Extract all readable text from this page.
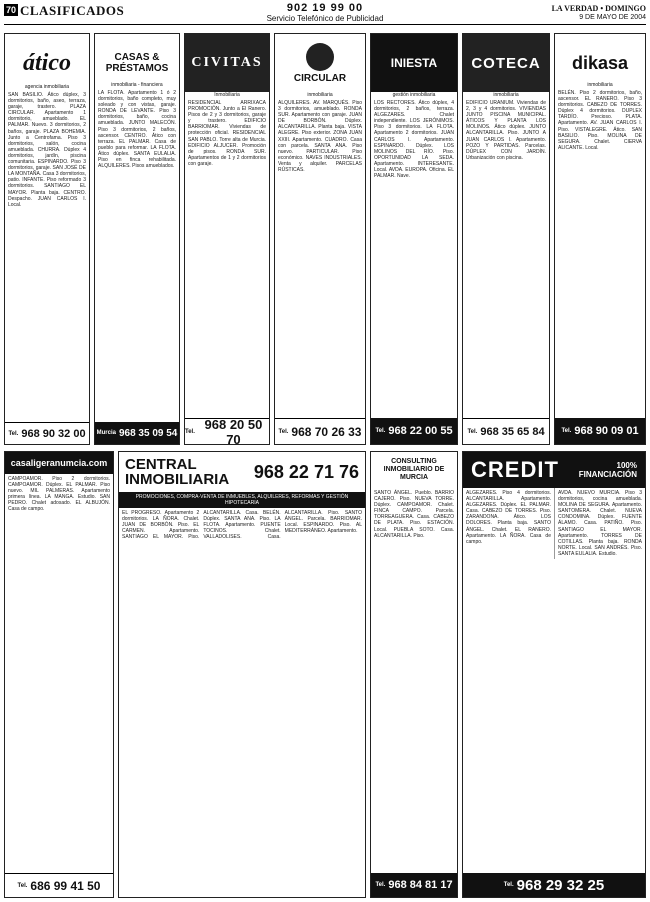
70 CLASIFICADOS	902 19 99 00
Servicio Telefónico de Publicidad
LA VERDAD • DOMINGO
9 DE MAYO DE 2004
ático
agencia inmobiliaria
SAN BASILIO. Ático dúplex, 3 dormitorios, baño, aseo, terraza, garaje, trastero. PLAZA CIRCULAR. Apartamento 1 dormitorio, amueblado. EL PALMAR. Nuevo. 3 dormitorios, 2 baños, garaje. PLAZA BOHEMIA. Junto a Centrofama. Piso 3 dormitorios, salón, cocina amueblada. CHURRA. Dúplex 4 dormitorios, jardín, piscina comunitaria. ESPINARDO. Piso 3 dormitorios, garaje. SAN JOSÉ DE LA MONTAÑA. Casa 3 dormitorios, patio. INFANTE. Piso reformado 3 dormitorios. SANTIAGO EL MAYOR. Planta baja. CENTRO. Despacho. JUAN CARLOS I. Local.
Tel. 968 90 32 00
CASAS & PRÉSTAMOS
inmobiliaria - financiera
LA FLOTA. Apartamento 1 ó 2 dormitorios, baño completo, muy soleado y con vistas, garaje. RONDA DE LEVANTE. Piso 3 dormitorios, baño, cocina amueblada. JUNTO MALECÓN. Piso 3 dormitorios, 2 baños, ascensor. CENTRO. Ático con terraza. EL PALMAR. Casa de pueblo para reformar. LA FLOTA. Ático dúplex. SANTA EULALIA. Piso en finca rehabilitada. ALQUILERES. Pisos amueblados.
Murcia 968 35 09 54
CIVITAS
Inmobiliaria
RESIDENCIAL ARRIXACA PROMOCIÓN. Junto a El Ranero. Pisos de 2 y 3 dormitorios, garaje y trastero. EDIFICIO BARRIOMAR. Viviendas de protección oficial. RESIDENCIAL SAN PABLO. Torre alta de Murcia. EDIFICIO ALJUCER. Promoción de pisos. RONDA SUR. Apartamentos de 1 y 2 dormitorios con garaje.
Tel. 968 20 50 70
CIRCULAR
inmobiliaria
ALQUILERES. AV. MARQUÉS. Piso 3 dormitorios, amueblado. RONDA SUR. Apartamento con garaje. JUAN DE BORBÓN. Dúplex. ALCANTARILLA. Planta baja. VISTA ALEGRE. Piso exterior. ZONA JUAN XXIII. Apartamento. CUADRO. Casa con parcela. SANTA ANA. Piso nuevo. PARTICULAR. Piso económico. NAVES INDUSTRIALES. Venta y alquiler. PARCELAS RÚSTICAS.
Tel. 968 70 26 33
INIESTA
gestión inmobiliaria
LOS RECTORES. Ático dúplex, 4 dormitorios, 2 baños, terraza. ALGEZARES. Chalet independiente. LOS JERÓNIMOS. Piso 3 dormitorios. LA FLOTA. Apartamento 2 dormitorios. JUAN CARLOS I. Apartamento. ESPINARDO. Dúplex. LOS MOLINOS DEL RÍO. Piso. OPORTUNIDAD LA SEDA. Apartamento. INTERESANTE. Local. AVDA. EUROPA. Oficina. EL PALMAR. Nave.
Tel. 968 22 00 55
COTECA
inmobiliaria
EDIFICIO URANIUM. Viviendas de 2, 3 y 4 dormitorios. VIVIENDAS JUNTO PISCINA MUNICIPAL. ÁTICOS Y PLANTA LOS MOLINOS. Ático dúplex. JUNTO ALCANTARILLA. Piso. JUNTO A JUAN CARLOS I. Apartamento. POZO Y PARTIDAS. Parcelas. DÚPLEX CON JARDÍN. Urbanización con piscina.
Tel. 968 35 65 84
dikasa
inmobiliaria
BELÉN. Piso 2 dormitorios, baño, ascensor. EL RANERO. Piso 3 dormitorios. CABEZO DE TORRES. Dúplex 4 dormitorios. DUPLEX TARDÍO. Precioso. PLATA. Apartamento. AV. JUAN CARLOS I. Piso. VISTALEGRE. Ático. SAN BASILIO. Piso. MOLINA DE SEGURA. Chalet. CIERVA ALICANTE. Local.
Tel. 968 90 09 01
casaligeranumcia.com
CAMPOAMOR. Piso 2 dormitorios. CAMPOAMOR. Dúplex. EL PALMAR. Piso nuevo. MIL PALMERAS. Apartamento primera línea. LA MANGA. Estudio. SAN PEDRO. Chalet adosado. EL ALBUJÓN. Casa de campo.
Tel. 686 99 41 50
CENTRAL INMOBILIARIA	968 22 71 76
PROMOCIONES, COMPRA-VENTA DE INMUEBLES, ALQUILERES, REFORMAS Y GESTIÓN HIPOTECARIA
EL PROGRESO. Apartamento 2 dormitorios. LA ÑORA. Chalet. JUAN DE BORBÓN. Piso. EL CARMEN. Apartamento. SANTIAGO EL MAYOR. Piso. ALCANTARILLA. Casa. BELÉN. Dúplex. SANTA ANA. Piso. LA FLOTA. Apartamento. PUENTE TOCINOS. Chalet. VALLADOLISES. Casa. ALCANTARILLA. Piso. SANTO ÁNGEL. Parcela. BARRIOMAR. Local. ESPINARDO. Piso. AL MEDITERRÁNEO. Apartamento.
CONSULTING INMOBILIARIO DE MURCIA
SANTO ÁNGEL. Pueblo. BARRIO CAJERO. Piso. NUEVA TORRE. Dúplex. CAMPOAMOR. Chalet. FINCA CAMPO. Parcela. TORREAGUERA. Casa. CABEZO DE PLATA. Piso. ESTACIÓN. Local. PUEBLA SOTO. Casa. ALCANTARILLA. Piso.
Tel. 968 84 81 17
CREDIT	100% FINANCIACIÓN
ALGEZARES. Piso 4 dormitorios. ALCANTARILLA. Apartamento. ALGEZARES. Dúplex. EL PALMAR. Casa. CABEZO DE TORRES. Piso. ZARANDONA. Ático. LOS DOLORES. Planta baja. SANTO ÁNGEL. Chalet. EL RANERO. Apartamento. LA ÑORA. Casa de campo.
AVDA. NUEVO MURCIA. Piso 3 dormitorios, cocina amueblada. MOLINA DE SEGURA. Apartamento. SANTOMERA. Chalet. NUEVA CONDOMINA. Dúplex. FUENTE ÁLAMO. Casa. PATIÑO. Piso. SANTIAGO EL MAYOR. Apartamento. TORRES DE COTILLAS. Planta baja. RONDA NORTE. Local. SAN ANDRÉS. Piso. SANTA EULALIA. Estudio.
Tel. 968 29 32 25
